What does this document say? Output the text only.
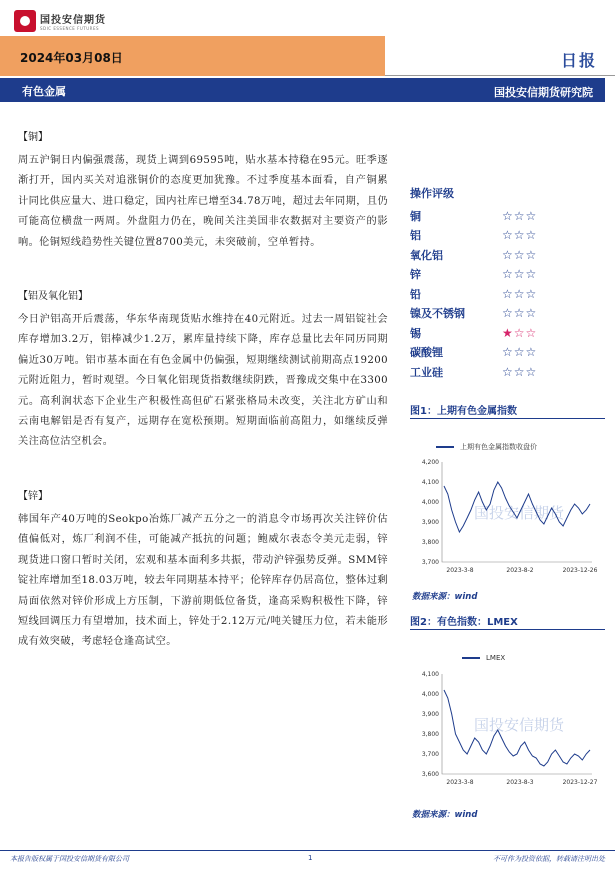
国投安信期货
SDIC ESSENCE FUTURES
2024年03月08日	日报
有色金属	国投安信期货研究院
【铜】

周五沪铜日内偏强震荡，现货上调到69595吨，贴水基本持稳在95元。旺季逐渐打开，国内买关对追涨铜价的态度更加犹豫。不过季度基本面看，自产铜累计同比供应量大、进口稳定，国内社库已增至34.78万吨，超过去年同期，且仍可能高位横盘一两周。外盘阻力仍在，晚间关注美国非农数据对主要资产的影响。伦铜短线趋势性关键位置8700美元，未突破前，空单暂持。

【铝及氧化铝】

今日沪铝高开后震荡，华东华南现货贴水维持在40元附近。过去一周铝锭社会库存增加3.2万，铝棒减少1.2万，累库量持续下降，库存总量比去年同历同期偏近30万吨。铝市基本面在有色金属中仍偏强，短期继续测试前期高点19200元附近阻力，暂时观望。今日氧化铝现货指数继续阴跌，晋豫成交集中在3300元。高利润状态下企业生产积极性高但矿石紧张格局未改变，关注北方矿山和云南电解铝是否有复产，远期存在宽松预期。短期面临前高阻力，如继续反弹关注高位沽空机会。

【锌】

韩国年产40万吨的Seokpo冶炼厂减产五分之一的消息令市场再次关注锌价估值偏低对，炼厂利润不佳，可能减产抵抗的问题；鲍威尔表态令美元走弱，锌现货进口窗口暂时关闭，宏观和基本面利多共振，带动沪锌强势反弹。SMM锌锭社库增加至18.03万吨，较去年同期基本持平；伦锌库存仍居高位，整体过剩局面依然对锌价形成上方压制，下游前期低位备货，逢高采购积极性下降，锌短线回调压力有望增加，技术面上，锌处于2.12万元/吨关键压力位，若未能形成有效突破，考虑轻仓逢高试空。

操作评级
铜	☆☆☆
铝	☆☆☆
氧化铝	☆☆☆
锌	☆☆☆
铅	☆☆☆
镍及不锈钢	☆☆☆
锡	★☆☆
碳酸锂	☆☆☆
工业硅	☆☆☆
图1：上期有色金属指数
上期有色金属指数收盘价
国投安信期货
3,700
3,800
3,900
4,000
4,100
4,200
2023-3-8	2023-8-2	2023-12-26
数据来源：wind
图2：有色指数：LMEX
LMEX
国投安信期货
3,600
3,700
3,800
3,900
4,000
4,100
2023-3-8	2023-8-3	2023-12-27
数据来源：wind
本报告版权属于国投安信期货有限公司	1	不可作为投资依据，转载请注明出处
